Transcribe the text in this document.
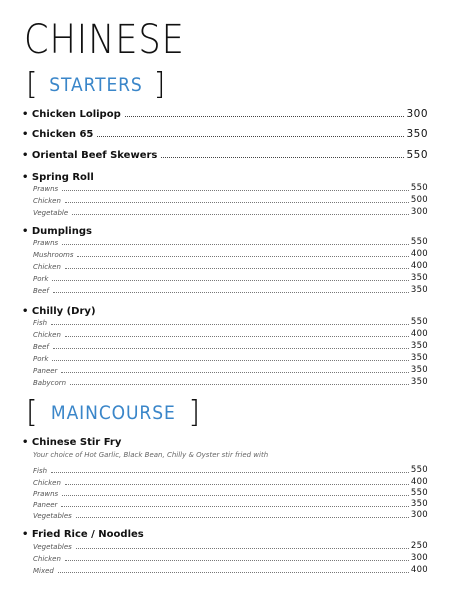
CHINESE
[ STARTERS ]
• Chicken Lolipop	300
• Chicken 65	350
• Oriental Beef Skewers	550
• Spring Roll
Prawns	550
Chicken	500
Vegetable	300
• Dumplings
Prawns	550
Mushrooms	400
Chicken	400
Pork	350
Beef	350
• Chilly (Dry)
Fish	550
Chicken	400
Beef	350
Pork	350
Paneer	350
Babycorn	350
[ MAINCOURSE ]
• Chinese Stir Fry
Your choice of Hot Garlic, Black Bean, Chilly & Oyster stir fried with
Fish	550
Chicken	400
Prawns	550
Paneer	350
Vegetables	300
• Fried Rice / Noodles
Vegetables	250
Chicken	300
Mixed	400
